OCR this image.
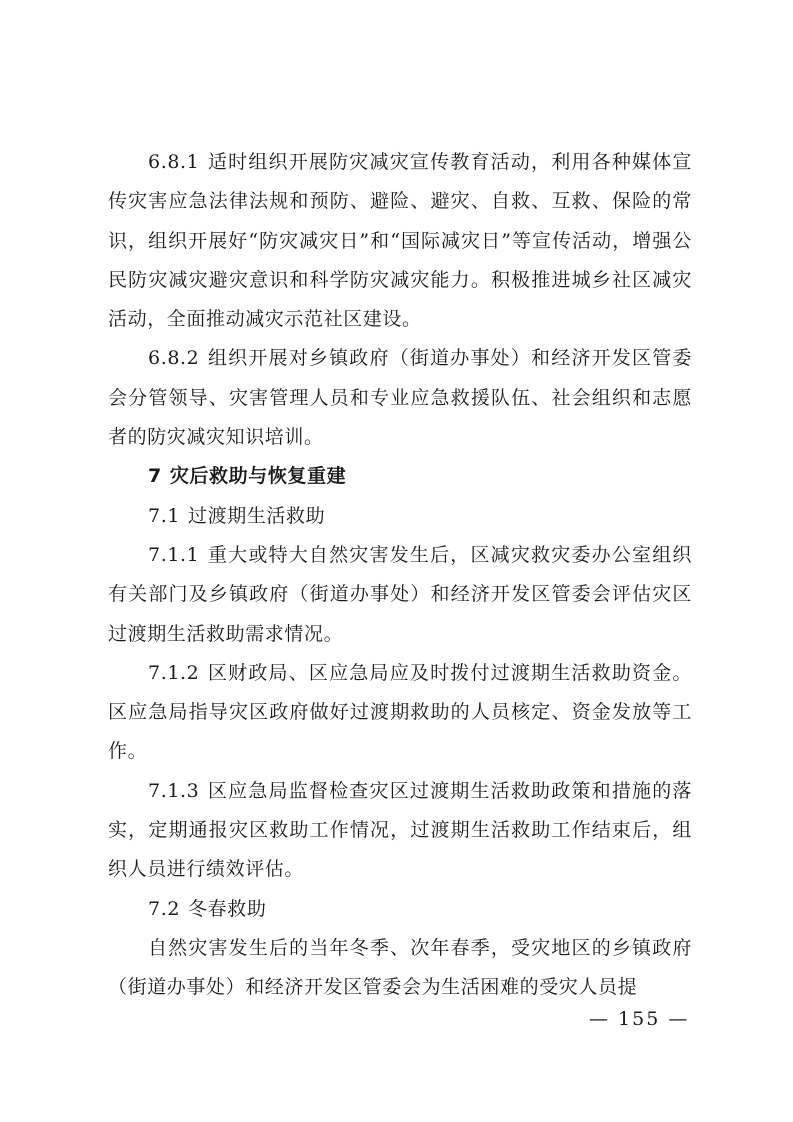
6.8.1 适时组织开展防灾减灾宣传教育活动，利用各种媒体宣传灾害应急法律法规和预防、避险、避灾、自救、互救、保险的常识，组织开展好“防灾减灾日”和“国际减灾日”等宣传活动，增强公民防灾减灾避灾意识和科学防灾减灾能力。积极推进城乡社区减灾活动，全面推动减灾示范社区建设。

6.8.2 组织开展对乡镇政府（街道办事处）和经济开发区管委会分管领导、灾害管理人员和专业应急救援队伍、社会组织和志愿者的防灾减灾知识培训。

7 灾后救助与恢复重建

7.1 过渡期生活救助

7.1.1 重大或特大自然灾害发生后，区减灾救灾委办公室组织有关部门及乡镇政府（街道办事处）和经济开发区管委会评估灾区过渡期生活救助需求情况。

7.1.2 区财政局、区应急局应及时拨付过渡期生活救助资金。区应急局指导灾区政府做好过渡期救助的人员核定、资金发放等工作。

7.1.3 区应急局监督检查灾区过渡期生活救助政策和措施的落实，定期通报灾区救助工作情况，过渡期生活救助工作结束后，组织人员进行绩效评估。

7.2 冬春救助

自然灾害发生后的当年冬季、次年春季，受灾地区的乡镇政府（街道办事处）和经济开发区管委会为生活困难的受灾人员提

— 155 —
